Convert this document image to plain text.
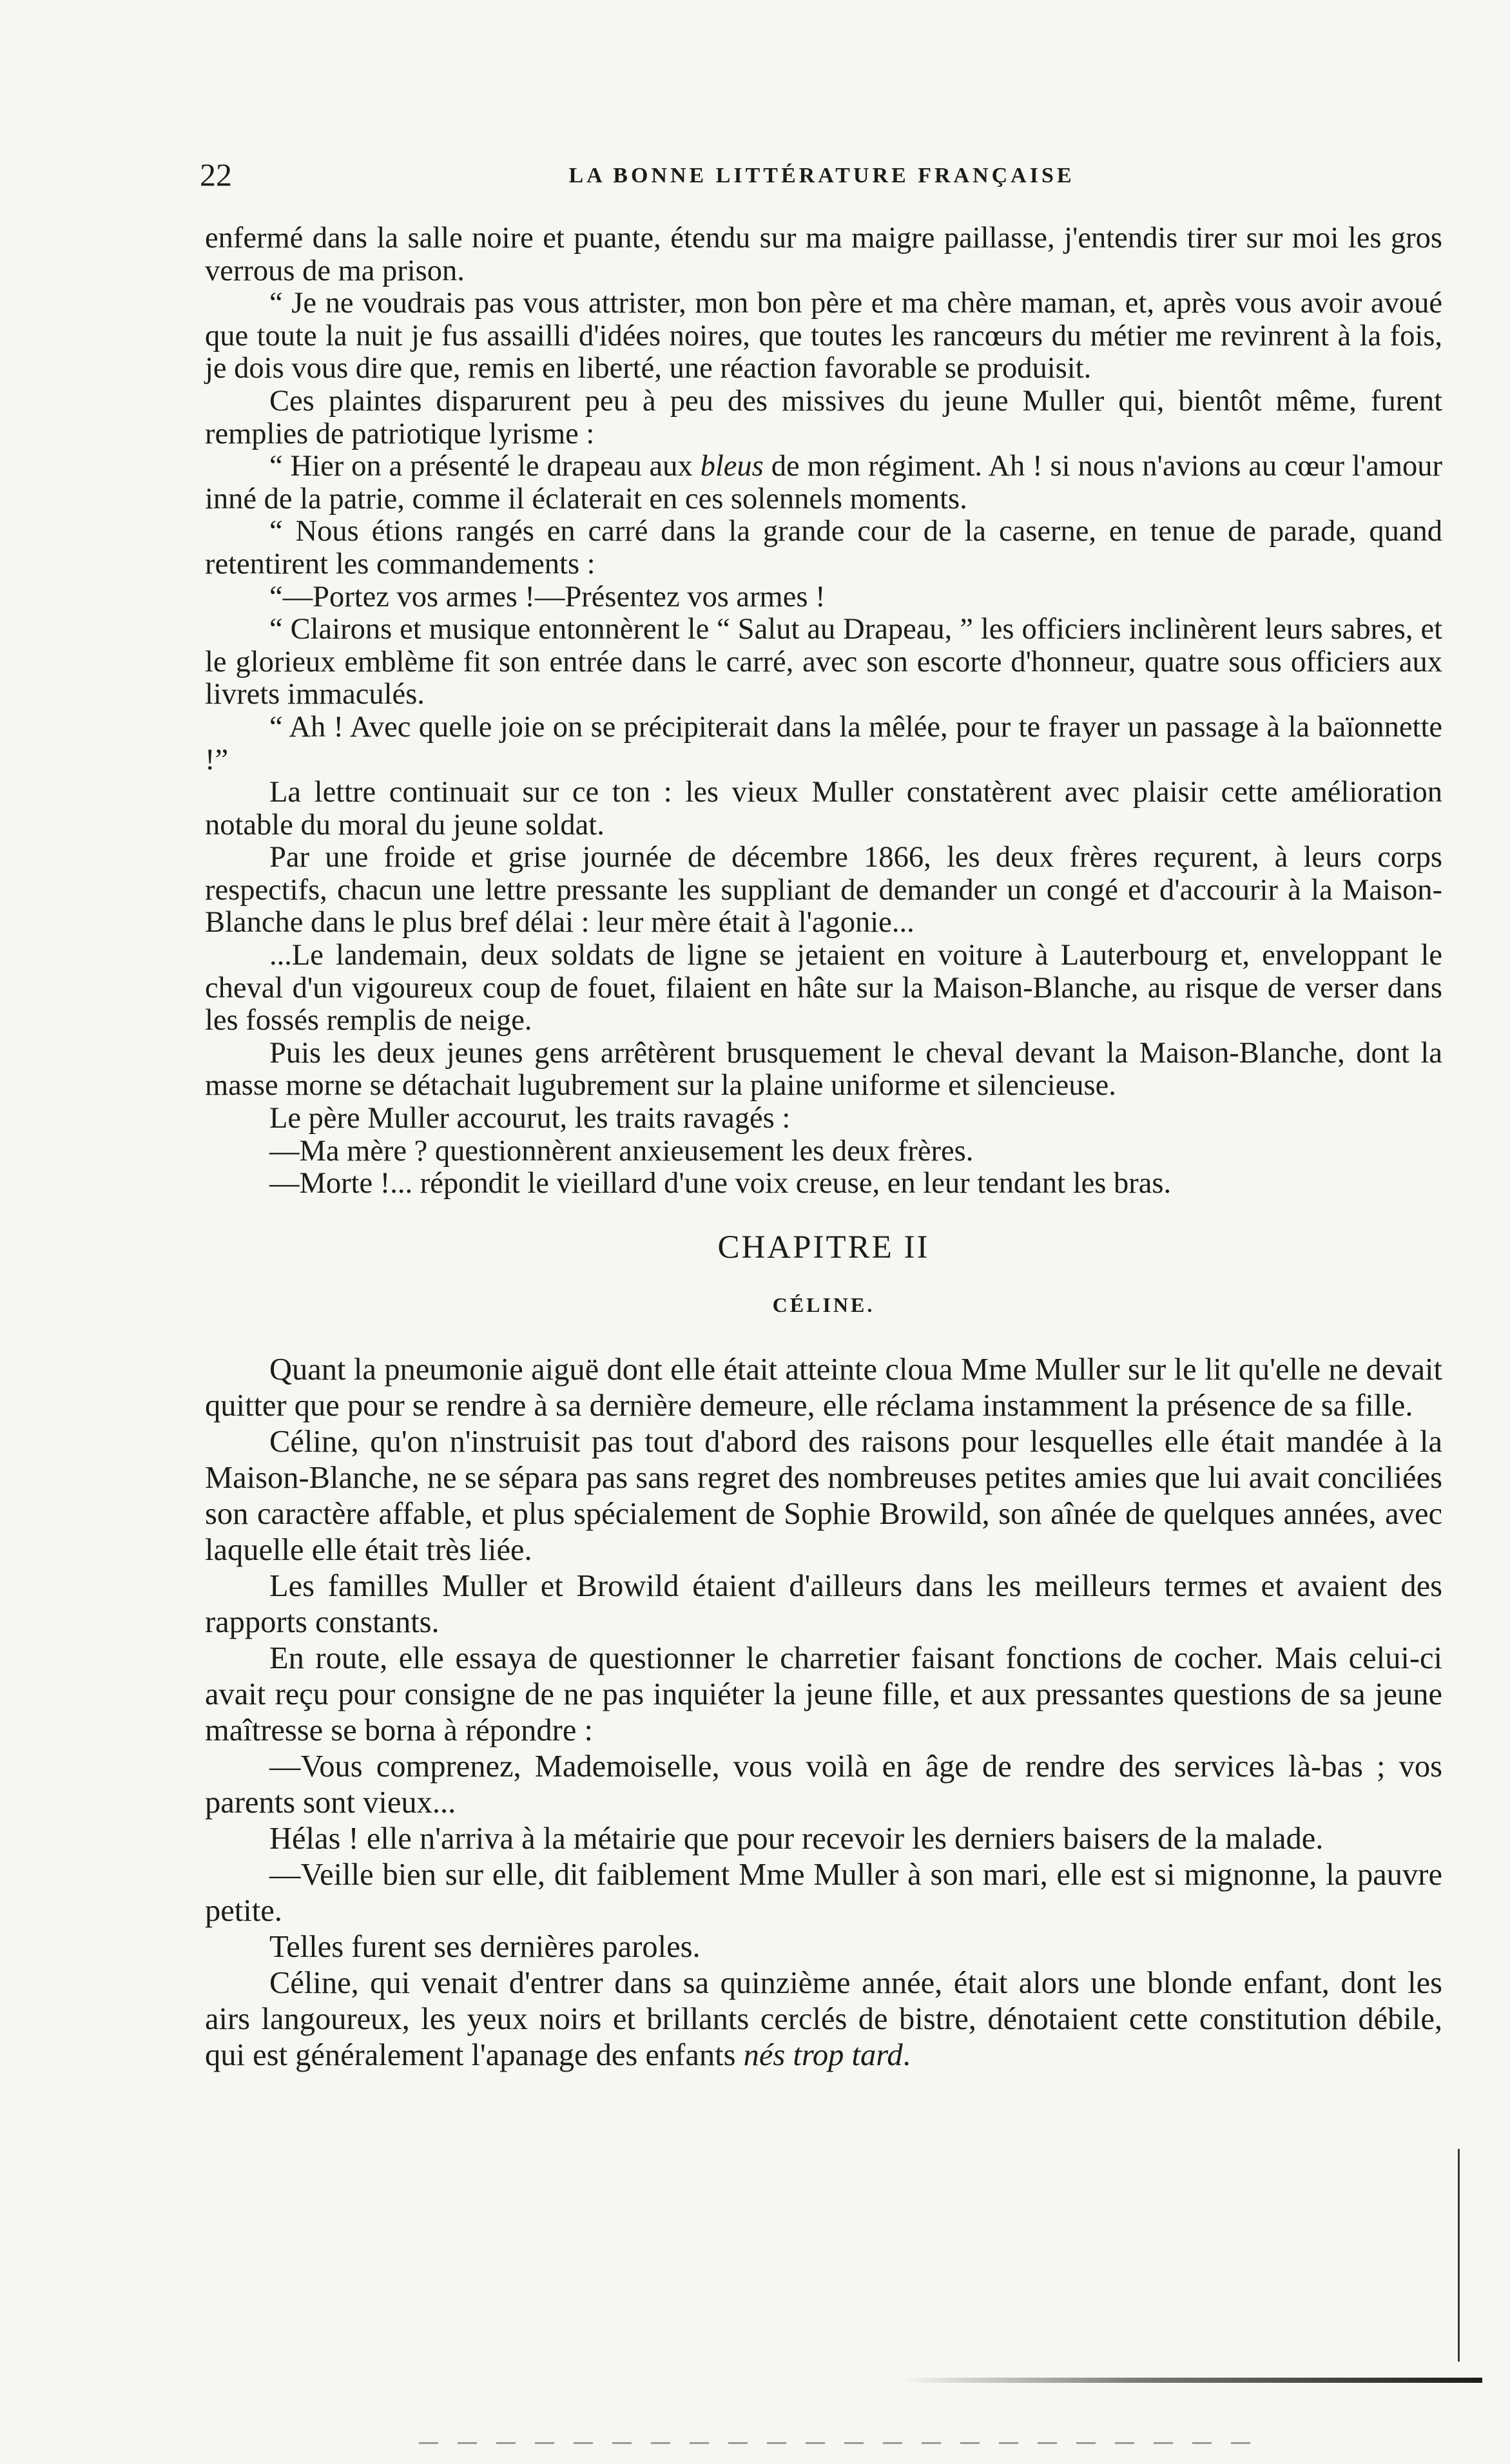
22	LA BONNE LITTÉRATURE FRANÇAISE

enfermé dans la salle noire et puante, étendu sur ma maigre paillasse, j'entendis tirer sur moi les gros verrous de ma prison.

“ Je ne voudrais pas vous attrister, mon bon père et ma chère maman, et, après vous avoir avoué que toute la nuit je fus assailli d'idées noires, que toutes les rancœurs du métier me revinrent à la fois, je dois vous dire que, remis en liberté, une réaction favorable se produisit.

Ces plaintes disparurent peu à peu des missives du jeune Muller qui, bientôt même, furent remplies de patriotique lyrisme :

“ Hier on a présenté le drapeau aux bleus de mon régiment. Ah ! si nous n'avions au cœur l'amour inné de la patrie, comme il éclaterait en ces solennels moments.

“ Nous étions rangés en carré dans la grande cour de la caserne, en tenue de parade, quand retentirent les commandements :

“—Portez vos armes !—Présentez vos armes !

“ Clairons et musique entonnèrent le “ Salut au Drapeau, ” les officiers inclinèrent leurs sabres, et le glorieux emblème fit son entrée dans le carré, avec son escorte d'honneur, quatre sous officiers aux livrets immaculés.

“ Ah ! Avec quelle joie on se précipiterait dans la mêlée, pour te frayer un passage à la baïonnette !”

La lettre continuait sur ce ton : les vieux Muller constatèrent avec plaisir cette amélioration notable du moral du jeune soldat.

Par une froide et grise journée de décembre 1866, les deux frères reçurent, à leurs corps respectifs, chacun une lettre pressante les suppliant de demander un congé et d'accourir à la Maison-Blanche dans le plus bref délai : leur mère était à l'agonie...

...Le landemain, deux soldats de ligne se jetaient en voiture à Lauterbourg et, enveloppant le cheval d'un vigoureux coup de fouet, filaient en hâte sur la Maison-Blanche, au risque de verser dans les fossés remplis de neige.

Puis les deux jeunes gens arrêtèrent brusquement le cheval devant la Maison-Blanche, dont la masse morne se détachait lugubrement sur la plaine uniforme et silencieuse.

Le père Muller accourut, les traits ravagés :

—Ma mère ? questionnèrent anxieusement les deux frères.

—Morte !... répondit le vieillard d'une voix creuse, en leur tendant les bras.

CHAPITRE II
CÉLINE.

Quant la pneumonie aiguë dont elle était atteinte cloua Mme Muller sur le lit qu'elle ne devait quitter que pour se rendre à sa dernière demeure, elle réclama instamment la présence de sa fille.

Céline, qu'on n'instruisit pas tout d'abord des raisons pour lesquelles elle était mandée à la Maison-Blanche, ne se sépara pas sans regret des nombreuses petites amies que lui avait conciliées son caractère affable, et plus spécialement de Sophie Browild, son aînée de quelques années, avec laquelle elle était très liée.

Les familles Muller et Browild étaient d'ailleurs dans les meilleurs termes et avaient des rapports constants.

En route, elle essaya de questionner le charretier faisant fonctions de cocher. Mais celui-ci avait reçu pour consigne de ne pas inquiéter la jeune fille, et aux pressantes questions de sa jeune maîtresse se borna à répondre :

—Vous comprenez, Mademoiselle, vous voilà en âge de rendre des services là-bas ; vos parents sont vieux...

Hélas ! elle n'arriva à la métairie que pour recevoir les derniers baisers de la malade.

—Veille bien sur elle, dit faiblement Mme Muller à son mari, elle est si mignonne, la pauvre petite.

Telles furent ses dernières paroles.

Céline, qui venait d'entrer dans sa quinzième année, était alors une blonde enfant, dont les airs langoureux, les yeux noirs et brillants cerclés de bistre, dénotaient cette constitution débile, qui est généralement l'apanage des enfants nés trop tard.
